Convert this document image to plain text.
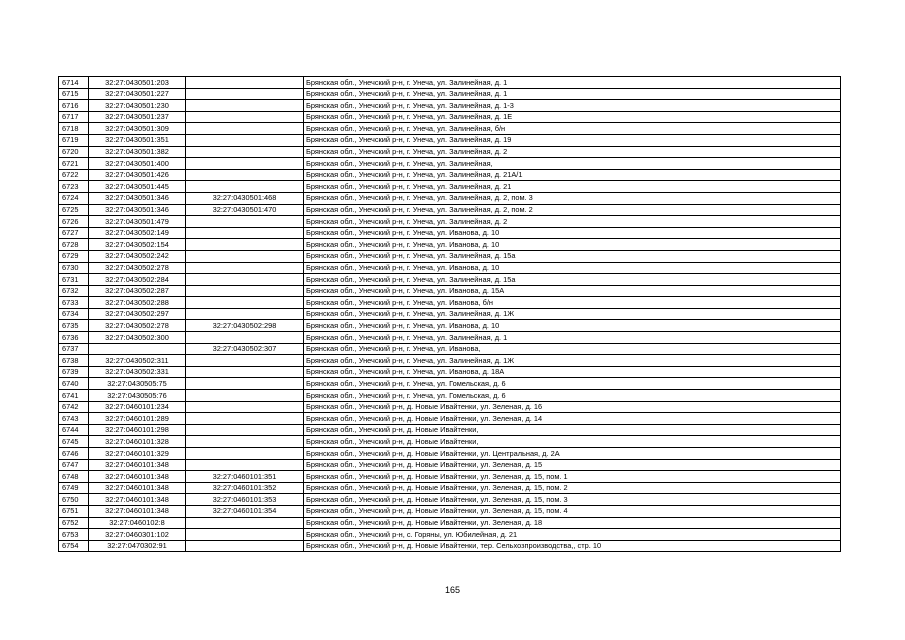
6714	32:27:0430501:203		Брянская обл., Унечский р-н, г. Унеча, ул. Залинейная, д. 1
6715	32:27:0430501:227		Брянская обл., Унечский р-н, г. Унеча, ул. Залинейная, д. 1
6716	32:27:0430501:230		Брянская обл., Унечский р-н, г. Унеча, ул. Залинейная, д. 1-3
6717	32:27:0430501:237		Брянская обл., Унечский р-н, г. Унеча, ул. Залинейная, д. 1Е
6718	32:27:0430501:309		Брянская обл., Унечский р-н, г. Унеча, ул. Залинейная, б/н
6719	32:27:0430501:351		Брянская обл., Унечский р-н, г. Унеча, ул. Залинейная, д. 19
6720	32:27:0430501:382		Брянская обл., Унечский р-н, г. Унеча, ул. Залинейная, д. 2
6721	32:27:0430501:400		Брянская обл., Унечский р-н, г. Унеча, ул. Залинейная,
6722	32:27:0430501:426		Брянская обл., Унечский р-н, г. Унеча, ул. Залинейная, д. 21А/1
6723	32:27:0430501:445		Брянская обл., Унечский р-н, г. Унеча, ул. Залинейная, д. 21
6724	32:27:0430501:346	32:27:0430501:468	Брянская обл., Унечский р-н, г. Унеча, ул. Залинейная, д. 2, пом. 3
6725	32:27:0430501:346	32:27:0430501:470	Брянская обл., Унечский р-н, г. Унеча, ул. Залинейная, д. 2, пом. 2
6726	32:27:0430501:479		Брянская обл., Унечский р-н, г. Унеча, ул. Залинейная, д. 2
6727	32:27:0430502:149		Брянская обл., Унечский р-н, г. Унеча, ул. Иванова, д. 10
6728	32:27:0430502:154		Брянская обл., Унечский р-н, г. Унеча, ул. Иванова, д. 10
6729	32:27:0430502:242		Брянская обл., Унечский р-н, г. Унеча, ул. Залинейная, д. 15а
6730	32:27:0430502:278		Брянская обл., Унечский р-н, г. Унеча, ул. Иванова, д. 10
6731	32:27:0430502:284		Брянская обл., Унечский р-н, г. Унеча, ул. Залинейная, д. 15а
6732	32:27:0430502:287		Брянская обл., Унечский р-н, г. Унеча, ул. Иванова, д. 15А
6733	32:27:0430502:288		Брянская обл., Унечский р-н, г. Унеча, ул. Иванова, б/н
6734	32:27:0430502:297		Брянская обл., Унечский р-н, г. Унеча, ул. Залинейная, д. 1Ж
6735	32:27:0430502:278	32:27:0430502:298	Брянская обл., Унечский р-н, г. Унеча, ул. Иванова, д. 10
6736	32:27:0430502:300		Брянская обл., Унечский р-н, г. Унеча, ул. Залинейная, д. 1
6737		32:27:0430502:307	Брянская обл., Унечский р-н, г. Унеча, ул. Иванова,
6738	32:27:0430502:311		Брянская обл., Унечский р-н, г. Унеча, ул. Залинейная, д. 1Ж
6739	32:27:0430502:331		Брянская обл., Унечский р-н, г. Унеча, ул. Иванова, д. 18А
6740	32:27:0430505:75		Брянская обл., Унечский р-н, г. Унеча, ул. Гомельская, д. 6
6741	32:27:0430505:76		Брянская обл., Унечский р-н, г. Унеча, ул. Гомельская, д. 6
6742	32:27:0460101:234		Брянская обл., Унечский р-н, д. Новые Ивайтенки, ул. Зеленая, д. 16
6743	32:27:0460101:289		Брянская обл., Унечский р-н, д. Новые Ивайтенки, ул. Зеленая, д. 14
6744	32:27:0460101:298		Брянская обл., Унечский р-н, д. Новые Ивайтенки,
6745	32:27:0460101:328		Брянская обл., Унечский р-н, д. Новые Ивайтенки,
6746	32:27:0460101:329		Брянская обл., Унечский р-н, д. Новые Ивайтенки, ул. Центральная, д. 2А
6747	32:27:0460101:348		Брянская обл., Унечский р-н, д. Новые Ивайтенки, ул. Зеленая, д. 15
6748	32:27:0460101:348	32:27:0460101:351	Брянская обл., Унечский р-н, д. Новые Ивайтенки, ул. Зеленая, д. 15, пом. 1
6749	32:27:0460101:348	32:27:0460101:352	Брянская обл., Унечский р-н, д. Новые Ивайтенки, ул. Зеленая, д. 15, пом. 2
6750	32:27:0460101:348	32:27:0460101:353	Брянская обл., Унечский р-н, д. Новые Ивайтенки, ул. Зеленая, д. 15, пом. 3
6751	32:27:0460101:348	32:27:0460101:354	Брянская обл., Унечский р-н, д. Новые Ивайтенки, ул. Зеленая, д. 15, пом. 4
6752	32:27:0460102:8		Брянская обл., Унечский р-н, д. Новые Ивайтенки, ул. Зеленая, д. 18
6753	32:27:0460301:102		Брянская обл., Унечский р-н, с. Горяны, ул. Юбилейная, д. 21
6754	32:27:0470302:91		Брянская обл., Унечский р-н, д. Новые Ивайтенки, тер. Сельхозпроизводства,, стр. 10
165
